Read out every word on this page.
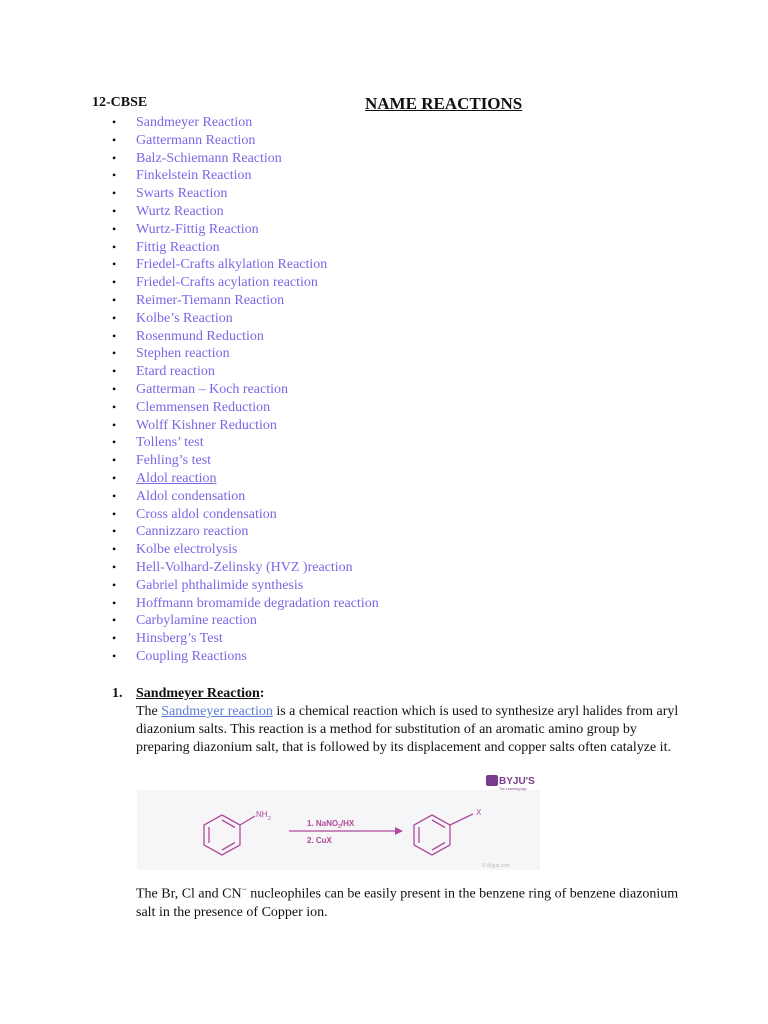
12-CBSE	NAME REACTIONS
• Sandmeyer Reaction
• Gattermann Reaction
• Balz-Schiemann Reaction
• Finkelstein Reaction
• Swarts Reaction
• Wurtz Reaction
• Wurtz-Fittig Reaction
• Fittig Reaction
• Friedel-Crafts alkylation Reaction
• Friedel-Crafts acylation reaction
• Reimer-Tiemann Reaction
• Kolbe’s Reaction
• Rosenmund Reduction
• Stephen reaction
• Etard reaction
• Gatterman – Koch reaction
• Clemmensen Reduction
• Wolff Kishner Reduction
• Tollens’ test
• Fehling’s test
• Aldol reaction
• Aldol condensation
• Cross aldol condensation
• Cannizzaro reaction
• Kolbe electrolysis
• Hell-Volhard-Zelinsky (HVZ )reaction
• Gabriel phthalimide synthesis
• Hoffmann bromamide degradation reaction
• Carbylamine reaction
• Hinsberg’s Test
• Coupling Reactions
1. Sandmeyer Reaction:
The Sandmeyer reaction is a chemical reaction which is used to synthesize aryl halides from aryl diazonium salts. This reaction is a method for substitution of an aromatic amino group by preparing diazonium salt, that is followed by its displacement and copper salts often catalyze it.
BYJU'S
The Learning App
NH 2	1. NaNO$_2$/HX
2. CuX
X
© Byjus.com
The Br, Cl and CN− nucleophiles can be easily present in the benzene ring of benzene diazonium salt in the presence of Copper ion.
